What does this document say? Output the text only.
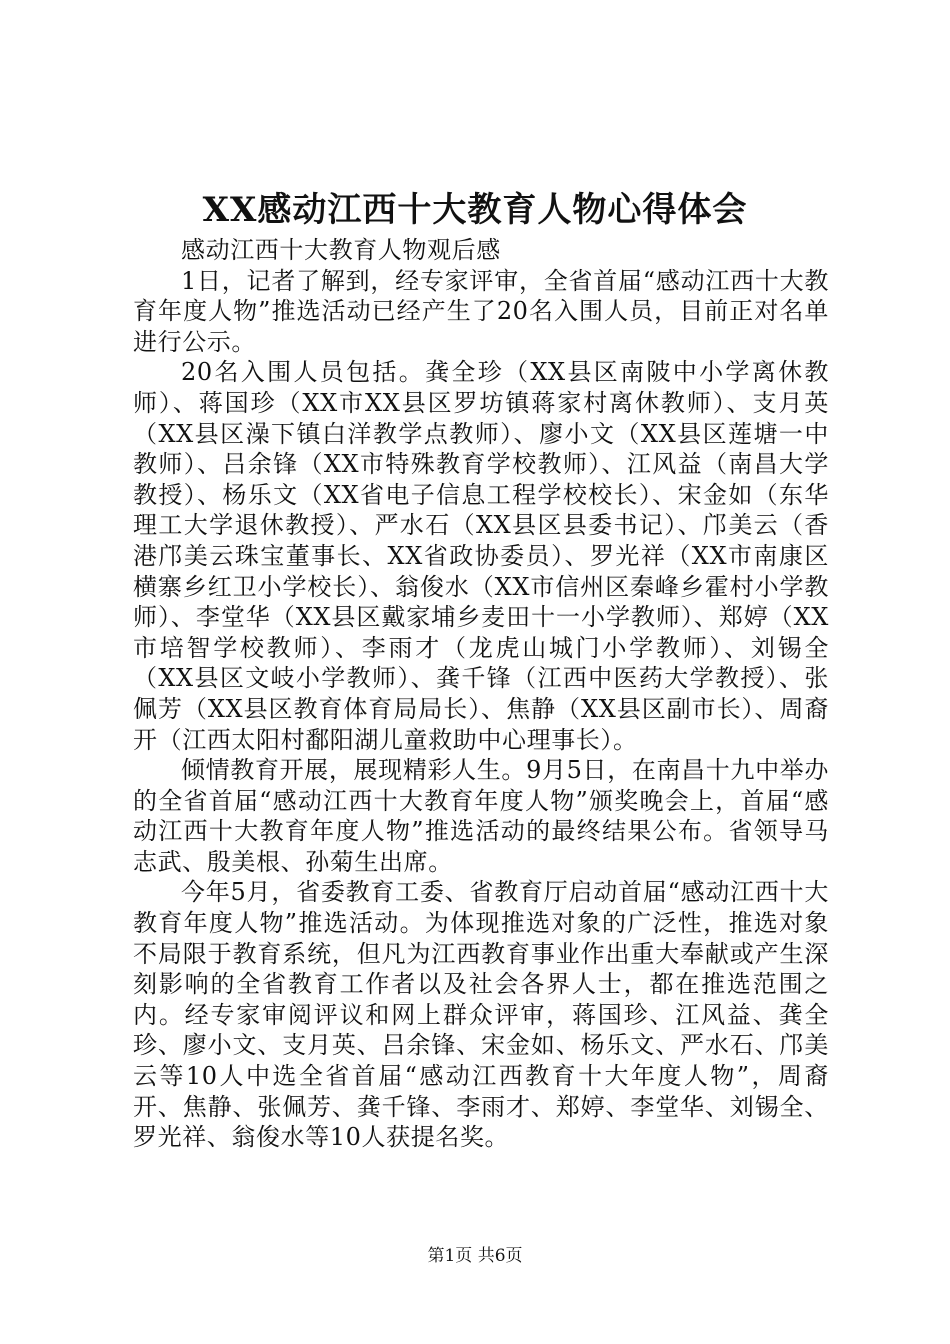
XX感动江西十大教育人物心得体会

感动江西十大教育人物观后感

1日，记者了解到，经专家评审，全省首届“感动江西十大教育年度人物”推选活动已经产生了20名入围人员，目前正对名单进行公示。

20名入围人员包括。龚全珍（XX县区南陂中小学离休教师）、蒋国珍（XX市XX县区罗坊镇蒋家村离休教师）、支月英（XX县区澡下镇白洋教学点教师）、廖小文（XX县区莲塘一中教师）、吕余锋（XX市特殊教育学校教师）、江风益（南昌大学教授）、杨乐文（XX省电子信息工程学校校长）、宋金如（东华理工大学退休教授）、严水石（XX县区县委书记）、邝美云（香港邝美云珠宝董事长、XX省政协委员）、罗光祥（XX市南康区横寨乡红卫小学校长）、翁俊水（XX市信州区秦峰乡霍村小学教师）、李堂华（XX县区戴家埔乡麦田十一小学教师）、郑婷（XX市培智学校教师）、李雨才（龙虎山城门小学教师）、刘锡全（XX县区文岐小学教师）、龚千锋（江西中医药大学教授）、张佩芳（XX县区教育体育局局长）、焦静（XX县区副市长）、周裔开（江西太阳村鄱阳湖儿童救助中心理事长）。

倾情教育开展，展现精彩人生。9月5日，在南昌十九中举办的全省首届“感动江西十大教育年度人物”颁奖晚会上，首届“感动江西十大教育年度人物”推选活动的最终结果公布。省领导马志武、殷美根、孙菊生出席。

今年5月，省委教育工委、省教育厅启动首届“感动江西十大教育年度人物”推选活动。为体现推选对象的广泛性，推选对象不局限于教育系统，但凡为江西教育事业作出重大奉献或产生深刻影响的全省教育工作者以及社会各界人士，都在推选范围之内。经专家审阅评议和网上群众评审，蒋国珍、江风益、龚全珍、廖小文、支月英、吕余锋、宋金如、杨乐文、严水石、邝美云等10人中选全省首届“感动江西教育十大年度人物”，周裔开、焦静、张佩芳、龚千锋、李雨才、郑婷、李堂华、刘锡全、罗光祥、翁俊水等10人获提名奖。

第1页 共6页
